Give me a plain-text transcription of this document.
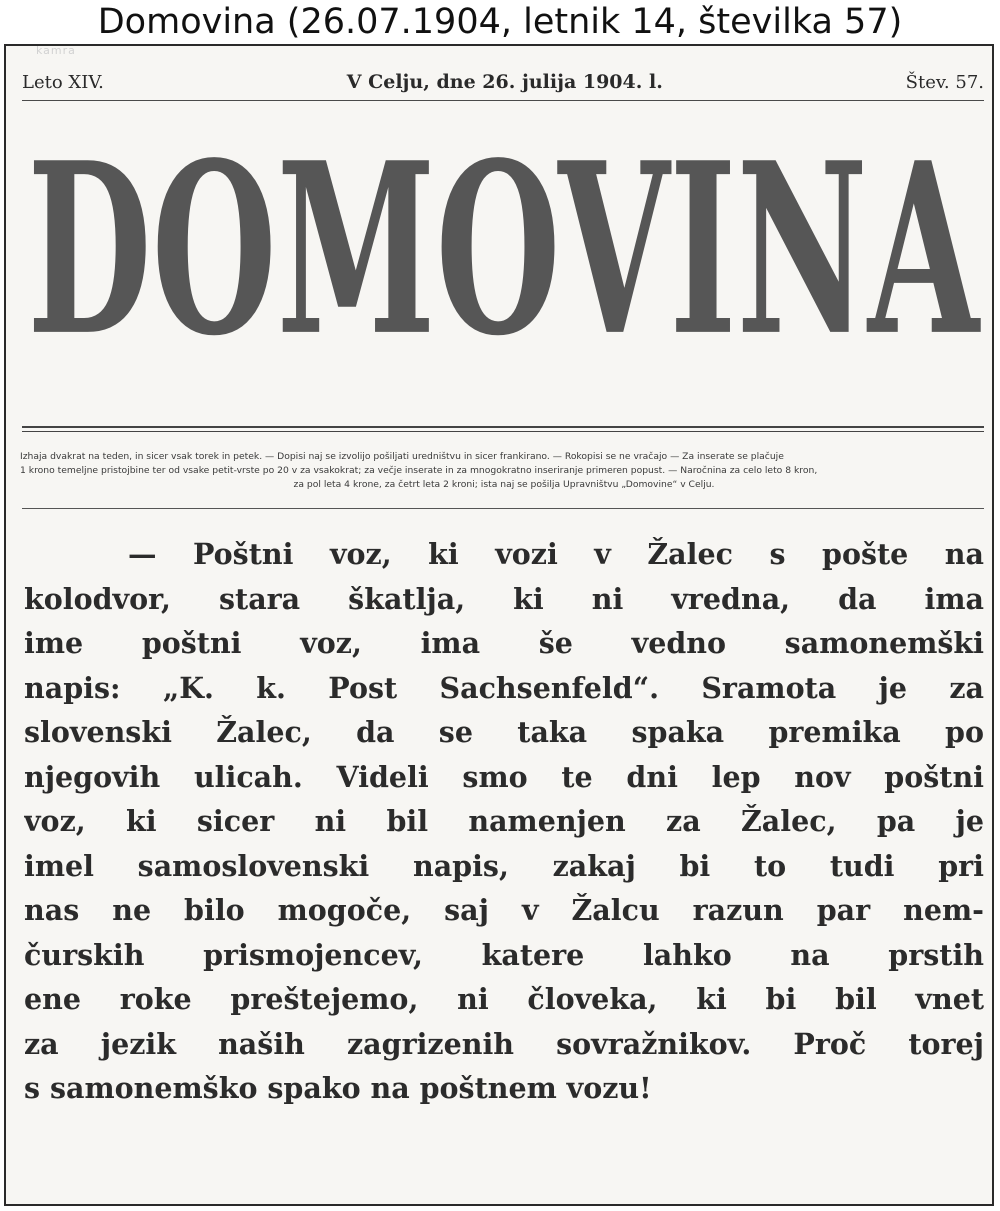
Domovina (26.07.1904, letnik 14, številka 57)
kamra
Leto XIV.	V Celju, dne 26. julija 1904. l.	Štev. 57.
DOMOVINA
Izhaja dvakrat na teden, in sicer vsak torek in petek. — Dopisi naj se izvolijo pošiljati uredništvu in sicer frankirano. — Rokopisi se ne vračajo — Za inserate se plačuje
1 krono temeljne pristojbine ter od vsake petit-vrste po 20 v za vsakokrat; za večje inserate in za mnogokratno inseriranje primeren popust. — Naročnina za celo leto 8 kron,
za pol leta 4 krone, za četrt leta 2 kroni; ista naj se pošilja Upravništvu „Domovine“ v Celju.
— Poštni voz, ki vozi v Žalec s pošte na
kolodvor, stara škatlja, ki ni vredna, da ima
ime poštni voz, ima še vedno samonemški
napis: „K. k. Post Sachsenfeld“. Sramota je za
slovenski Žalec, da se taka spaka premika po
njegovih ulicah. Videli smo te dni lep nov poštni
voz, ki sicer ni bil namenjen za Žalec, pa je
imel samoslovenski napis, zakaj bi to tudi pri
nas ne bilo mogoče, saj v Žalcu razun par nem-
čurskih prismojencev, katere lahko na prstih
ene roke preštejemo, ni človeka, ki bi bil vnet
za jezik naših zagrizenih sovražnikov. Proč torej
s samonemško spako na poštnem vozu!
